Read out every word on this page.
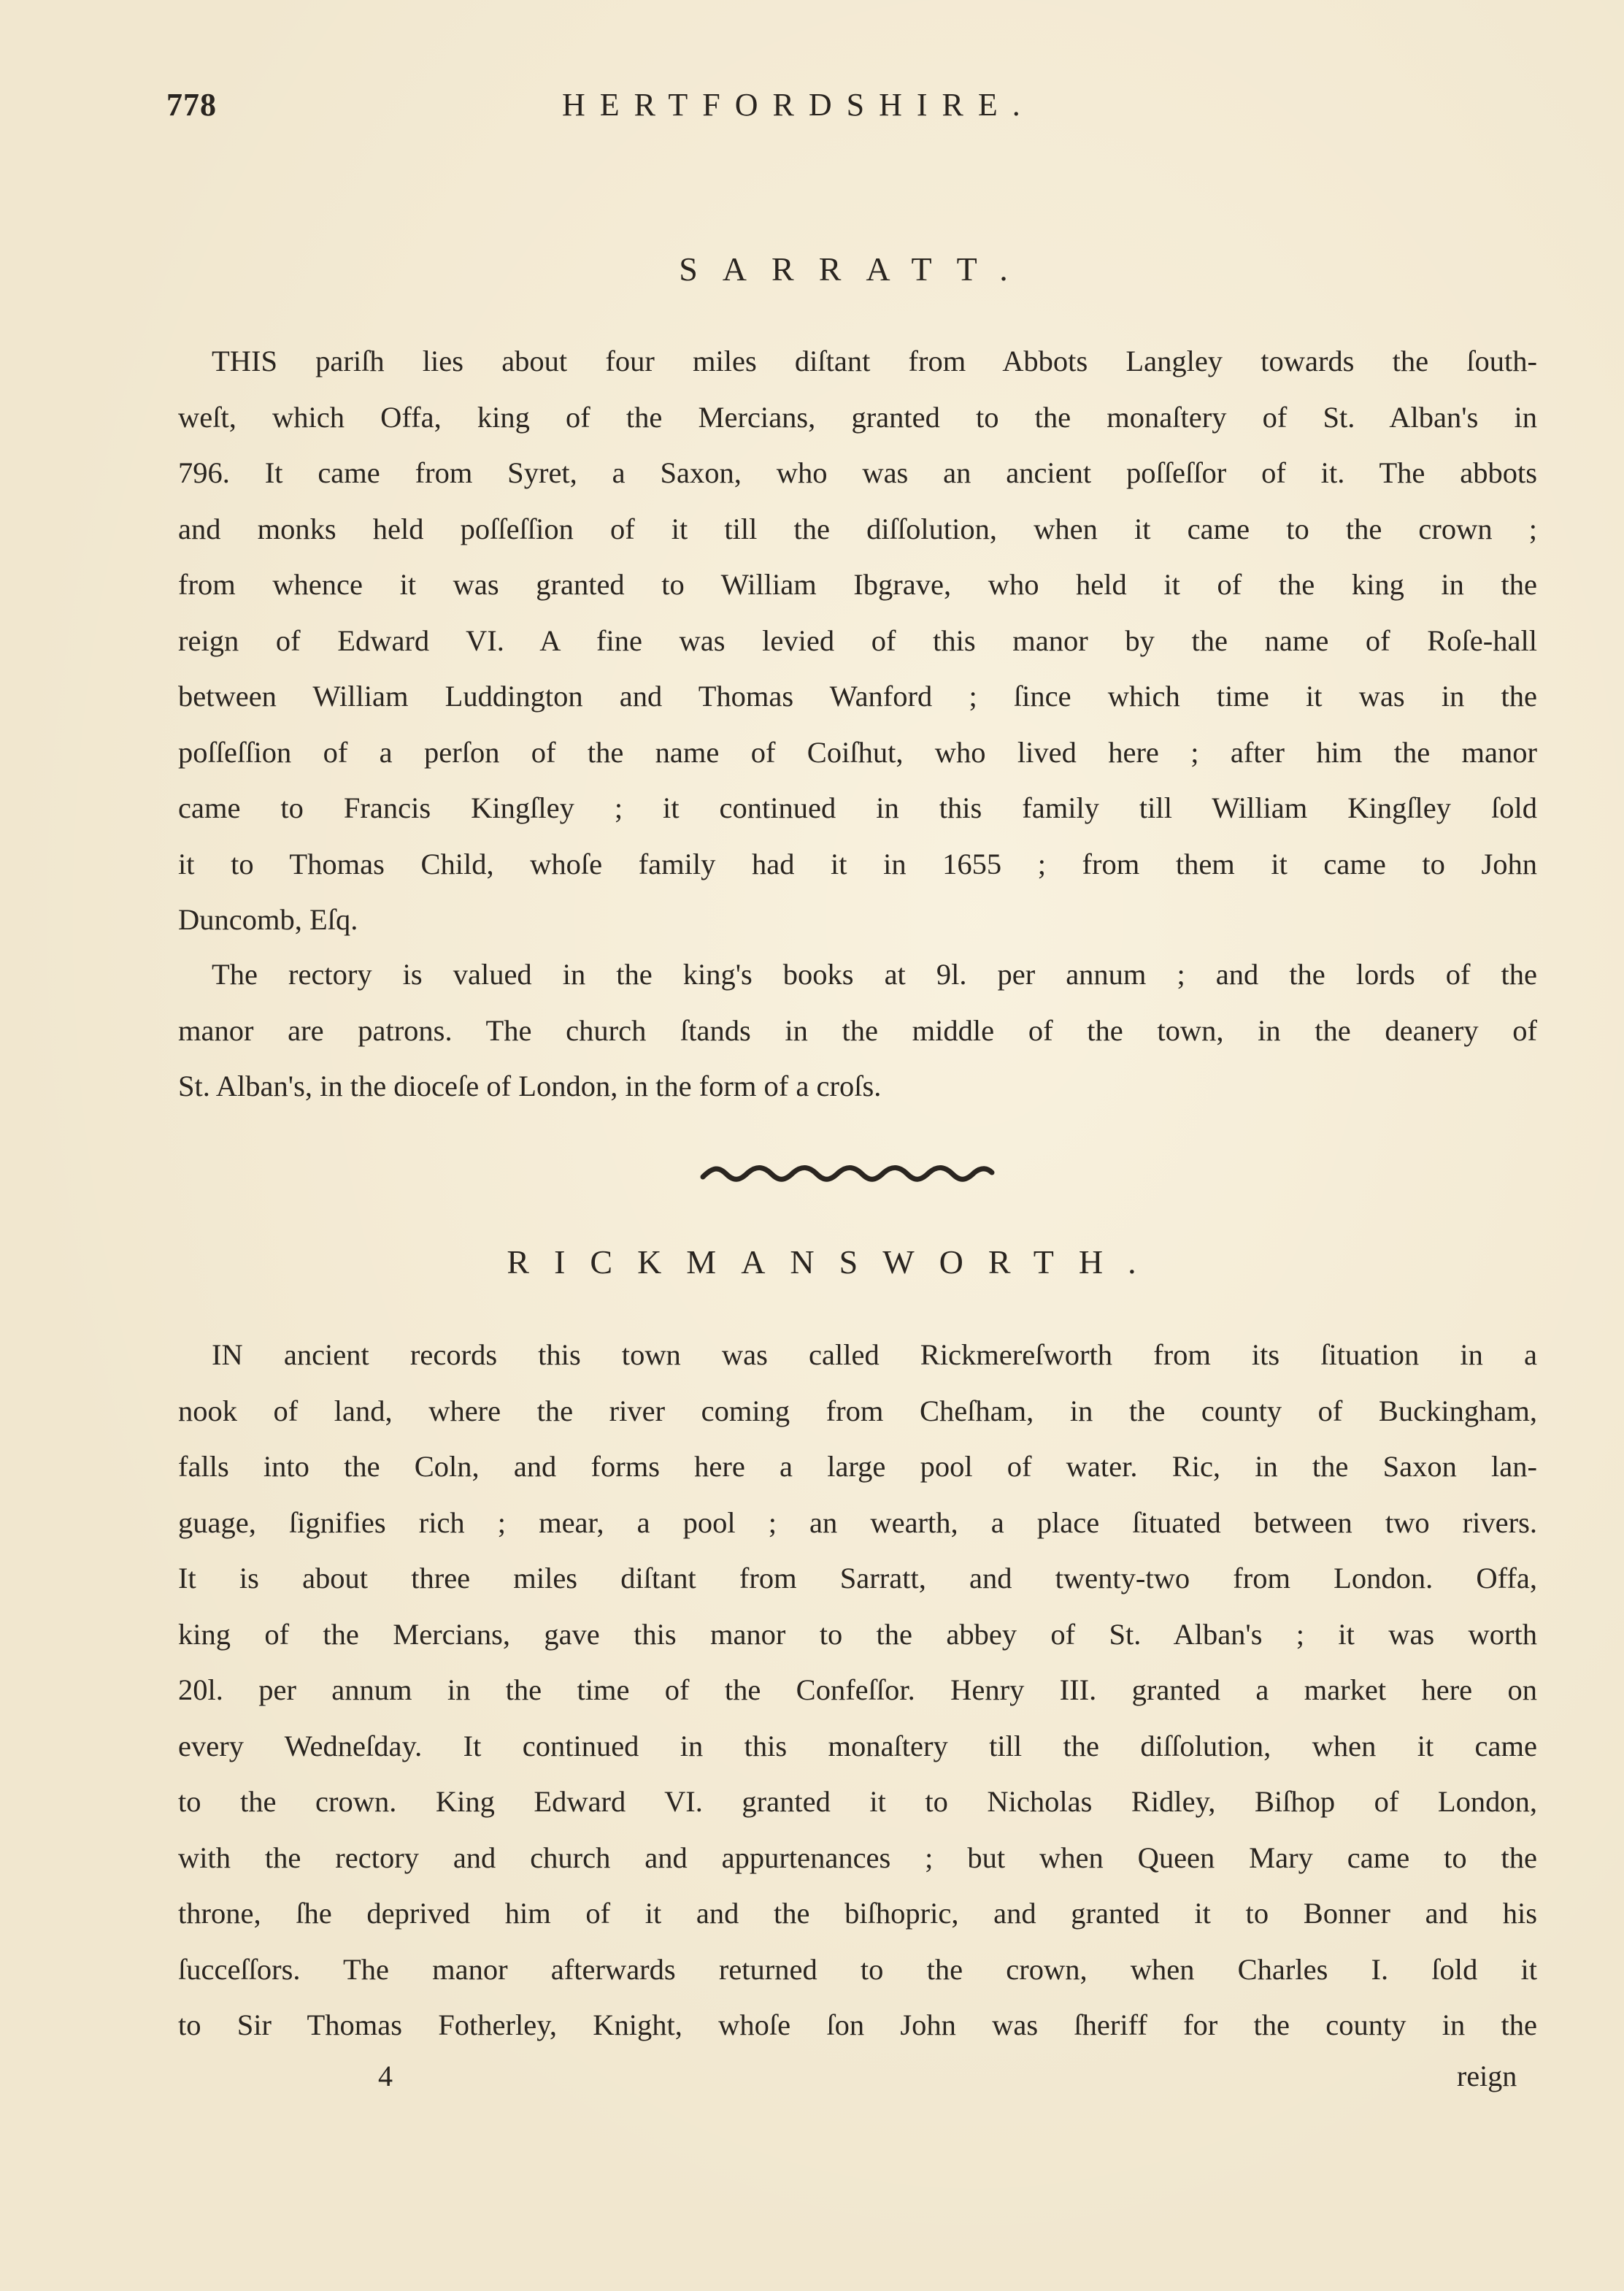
778	HERTFORDSHIRE.
SARRATT.
THIS pariſh lies about four miles diſtant from Abbots Langley towards the ſouth-
weſt, which Offa, king of the Mercians, granted to the monaſtery of St. Alban's in
796. It came from Syret, a Saxon, who was an ancient poſſeſſor of it. The abbots
and monks held poſſeſſion of it till the diſſolution, when it came to the crown ;
from whence it was granted to William Ibgrave, who held it of the king in the
reign of Edward VI. A fine was levied of this manor by the name of Roſe-hall
between William Luddington and Thomas Wanford ; ſince which time it was in the
poſſeſſion of a perſon of the name of Coiſhut, who lived here ; after him the manor
came to Francis Kingſley ; it continued in this family till William Kingſley ſold
it to Thomas Child, whoſe family had it in 1655 ; from them it came to John
Duncomb, Eſq.
The rectory is valued in the king's books at 9l. per annum ; and the lords of the
manor are patrons. The church ſtands in the middle of the town, in the deanery of
St. Alban's, in the dioceſe of London, in the form of a croſs.
RICKMANSWORTH.
IN ancient records this town was called Rickmereſworth from its ſituation in a
nook of land, where the river coming from Cheſham, in the county of Buckingham,
falls into the Coln, and forms here a large pool of water. Ric, in the Saxon lan-
guage, ſignifies rich ; mear, a pool ; an wearth, a place ſituated between two rivers.
It is about three miles diſtant from Sarratt, and twenty-two from London. Offa,
king of the Mercians, gave this manor to the abbey of St. Alban's ; it was worth
20l. per annum in the time of the Confeſſor. Henry III. granted a market here on
every Wedneſday. It continued in this monaſtery till the diſſolution, when it came
to the crown. King Edward VI. granted it to Nicholas Ridley, Biſhop of London,
with the rectory and church and appurtenances ; but when Queen Mary came to the
throne, ſhe deprived him of it and the biſhopric, and granted it to Bonner and his
ſucceſſors. The manor afterwards returned to the crown, when Charles I. ſold it
to Sir Thomas Fotherley, Knight, whoſe ſon John was ſheriff for the county in the
4	reign
